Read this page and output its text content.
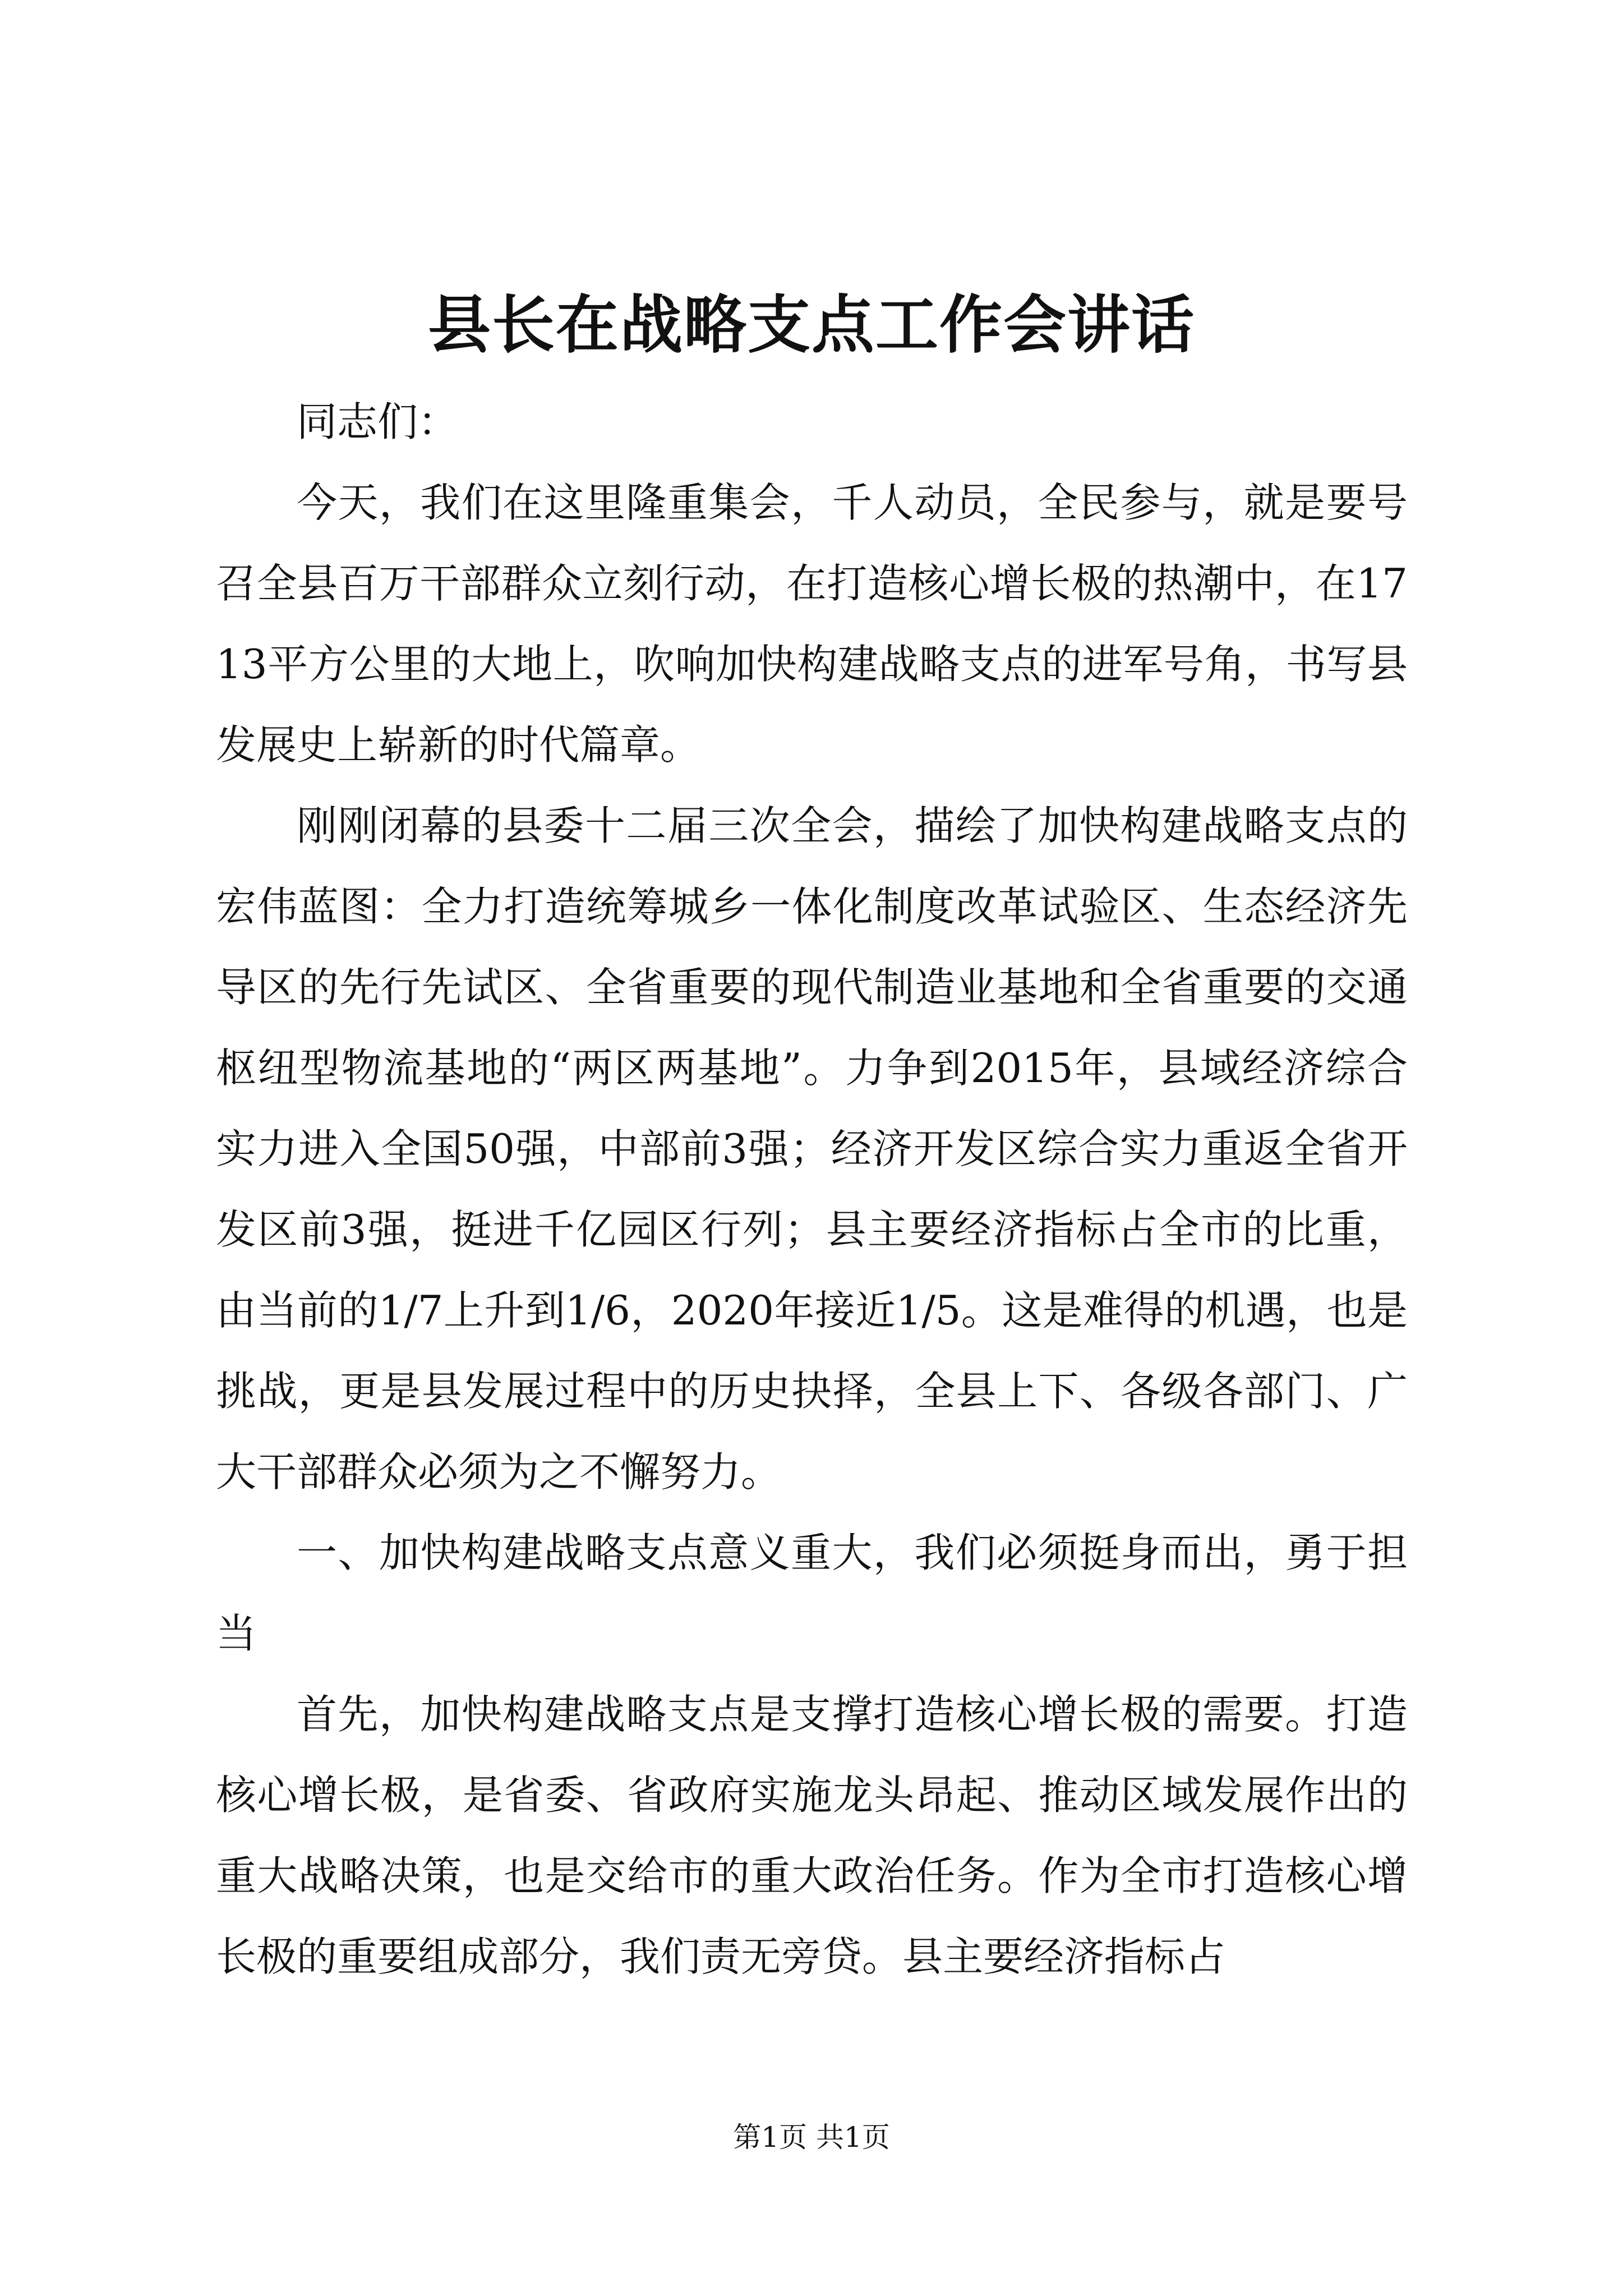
县长在战略支点工作会讲话

同志们：

今天，我们在这里隆重集会，千人动员，全民参与，就是要号召全县百万干部群众立刻行动，在打造核心增长极的热潮中，在1713平方公里的大地上，吹响加快构建战略支点的进军号角，书写县发展史上崭新的时代篇章。

刚刚闭幕的县委十二届三次全会，描绘了加快构建战略支点的宏伟蓝图：全力打造统筹城乡一体化制度改革试验区、生态经济先导区的先行先试区、全省重要的现代制造业基地和全省重要的交通枢纽型物流基地的“两区两基地”。力争到2015年，县域经济综合实力进入全国50强，中部前3强；经济开发区综合实力重返全省开发区前3强，挺进千亿园区行列；县主要经济指标占全市的比重，由当前的1/7上升到1/6，2020年接近1/5。这是难得的机遇，也是挑战，更是县发展过程中的历史抉择，全县上下、各级各部门、广大干部群众必须为之不懈努力。

一、加快构建战略支点意义重大，我们必须挺身而出，勇于担当

首先，加快构建战略支点是支撑打造核心增长极的需要。打造核心增长极，是省委、省政府实施龙头昂起、推动区域发展作出的重大战略决策，也是交给市的重大政治任务。作为全市打造核心增长极的重要组成部分，我们责无旁贷。县主要经济指标占

第1页 共1页
